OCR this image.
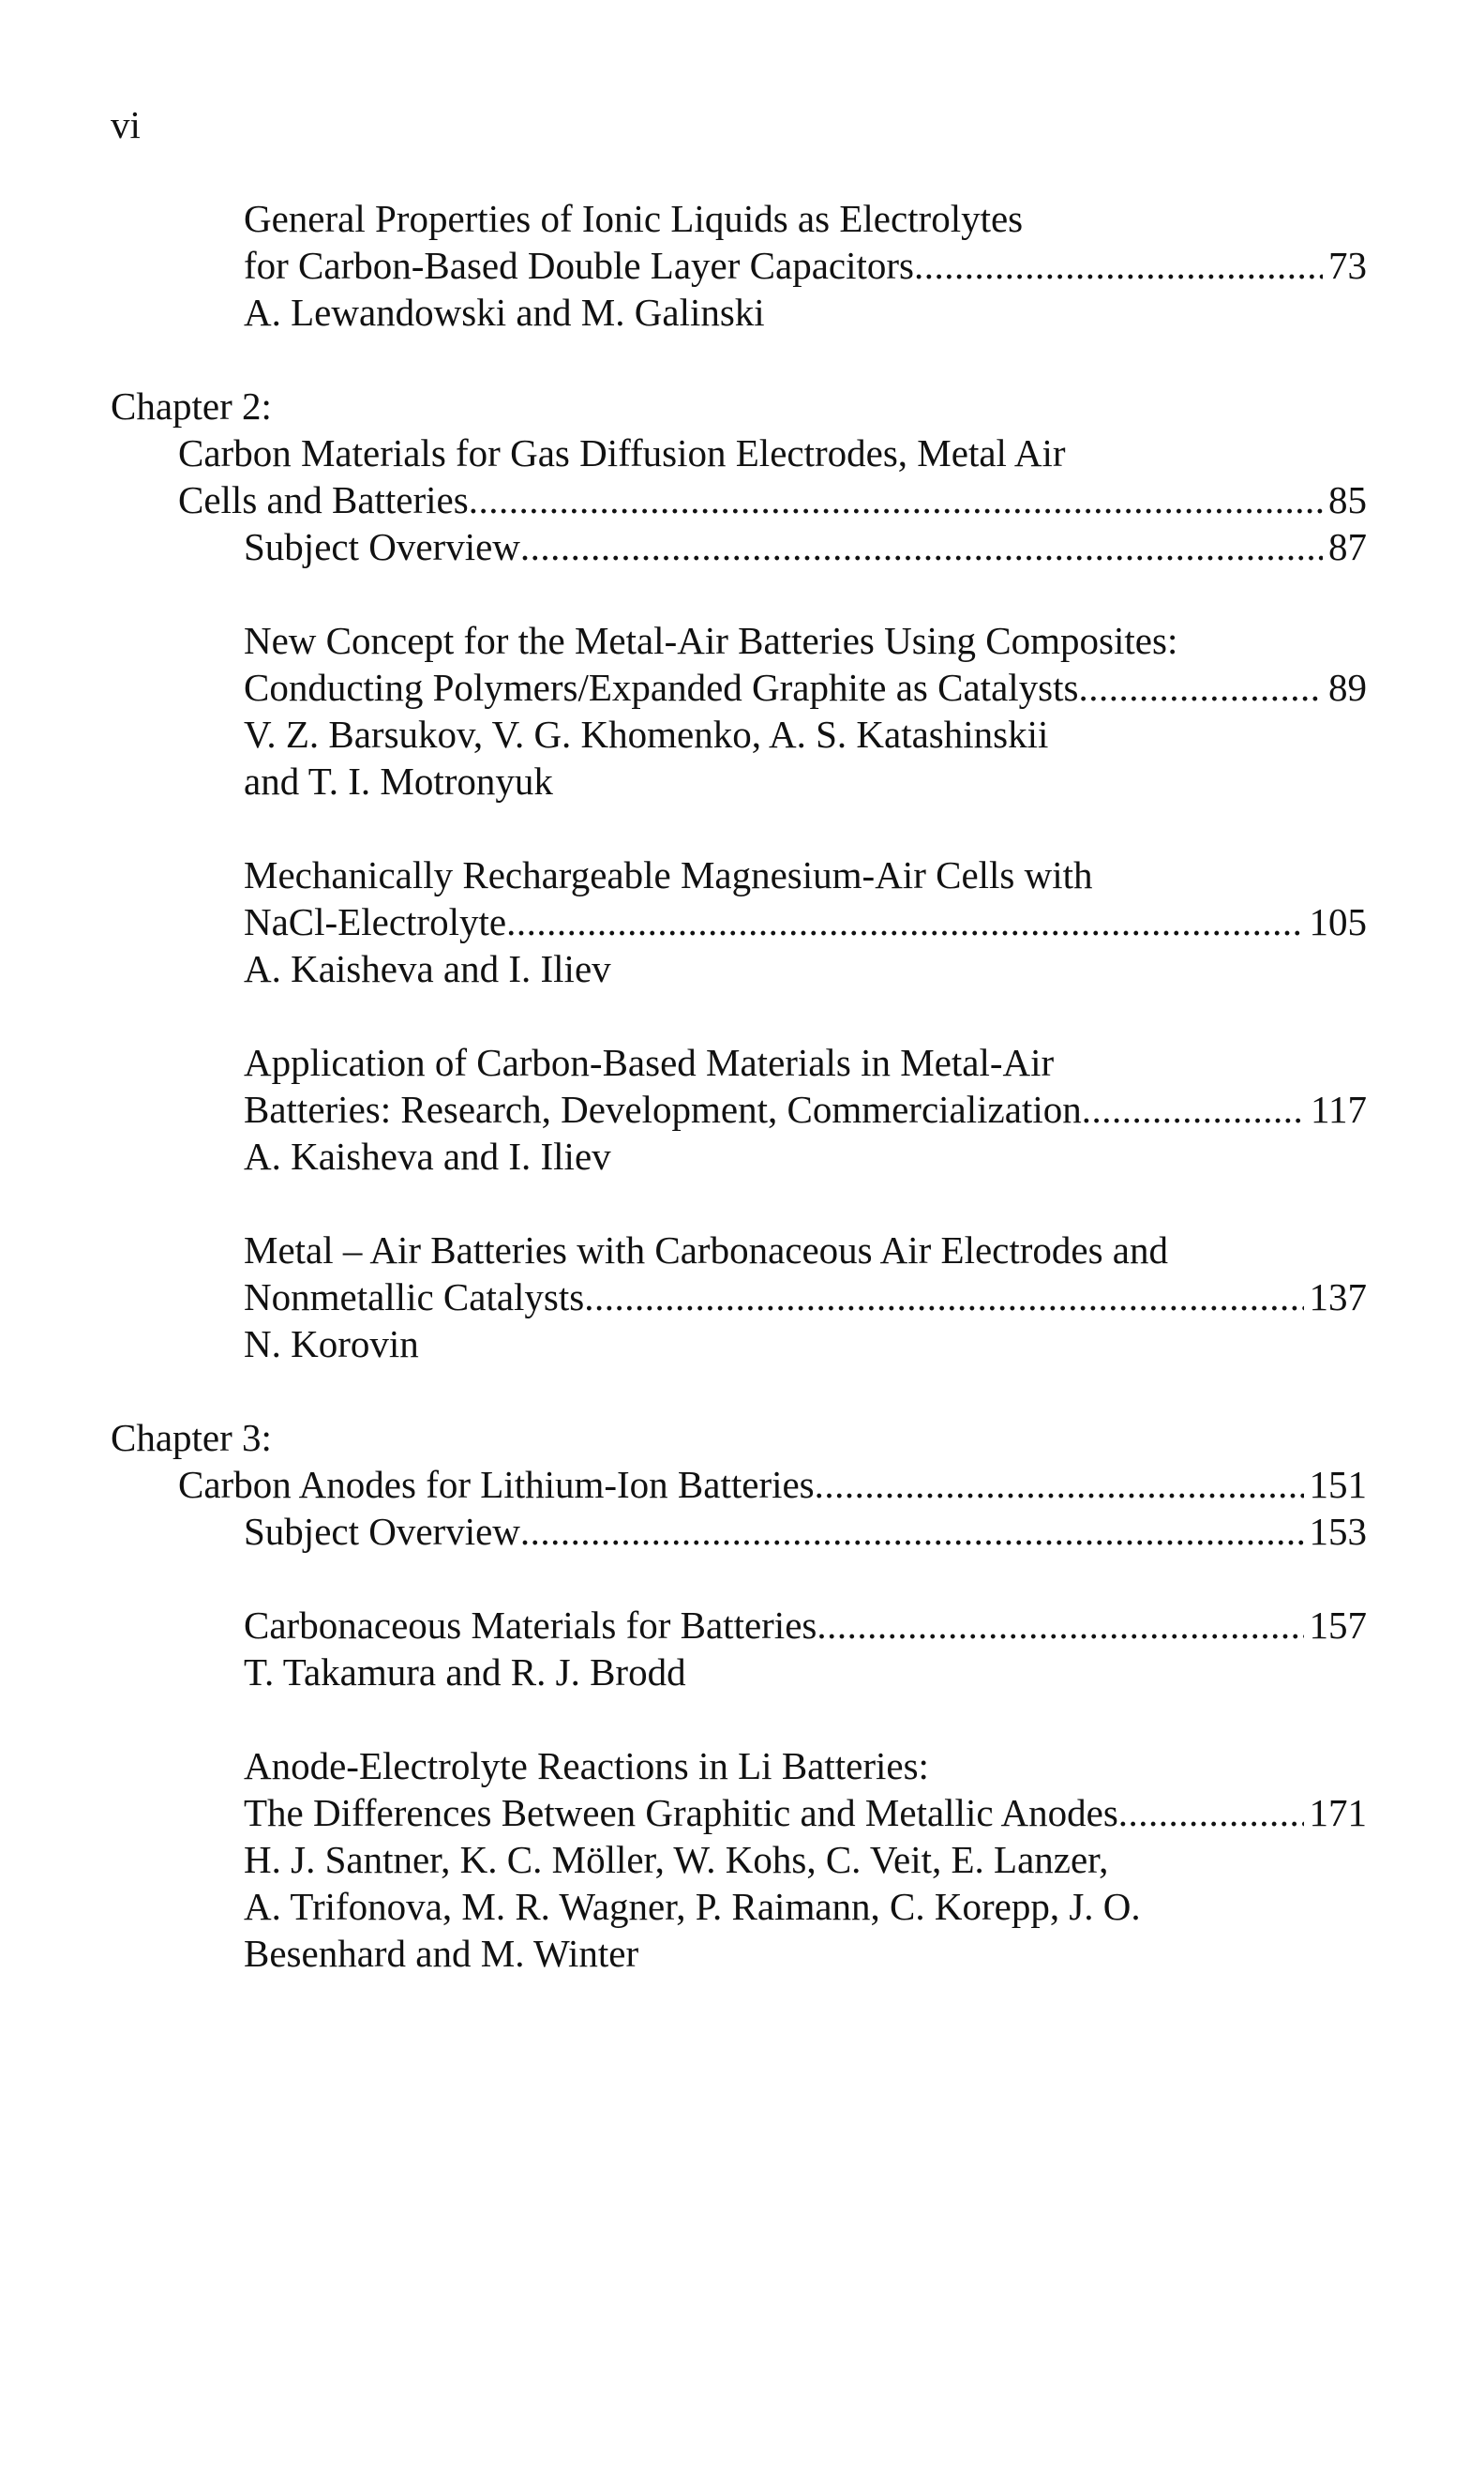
vi
General Properties of Ionic Liquids as Electrolytes
for Carbon-Based Double Layer Capacitors .....	73
A. Lewandowski and M. Galinski
Chapter 2:
Carbon Materials for Gas Diffusion Electrodes, Metal Air
Cells and Batteries .....	85
Subject Overview .....	87
New Concept for the Metal-Air Batteries Using Composites:
Conducting Polymers/Expanded Graphite as Catalysts .....	89
V. Z. Barsukov, V. G. Khomenko, A. S. Katashinskii
and T. I. Motronyuk
Mechanically Rechargeable Magnesium-Air Cells with
NaCl-Electrolyte .....	105
A. Kaisheva and I. Iliev
Application of Carbon-Based Materials in Metal-Air
Batteries: Research, Development, Commercialization .....	117
A. Kaisheva and I. Iliev
Metal – Air Batteries with Carbonaceous Air Electrodes and
Nonmetallic Catalysts .....	137
N. Korovin
Chapter 3:
Carbon Anodes for Lithium-Ion Batteries .....	151
Subject Overview .....	153
Carbonaceous Materials for Batteries .....	157
T. Takamura and R. J. Brodd
Anode-Electrolyte Reactions in Li Batteries:
The Differences Between Graphitic and Metallic Anodes .....	171
H. J. Santner, K. C. Möller, W. Kohs, C. Veit, E. Lanzer,
A. Trifonova, M. R. Wagner, P. Raimann, C. Korepp, J. O.
Besenhard and M. Winter
